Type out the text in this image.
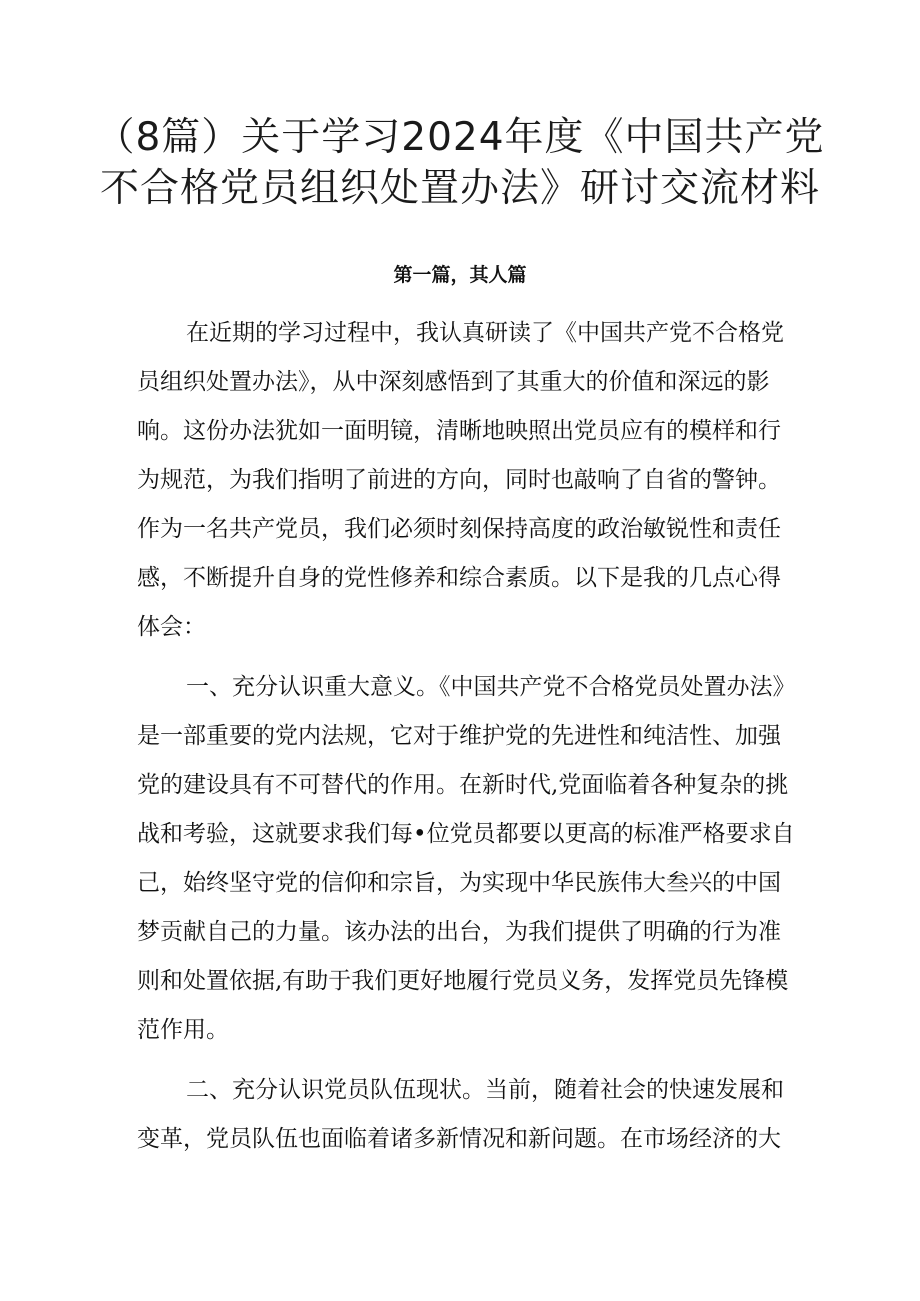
（8篇）关于学习2024年度《中国共产党
不合格党员组织处置办法》研讨交流材料
第一篇，其人篇
在近期的学习过程中，我认真研读了《中国共产党不合格党
员组织处置办法》，从中深刻感悟到了其重大的价值和深远的影
响。这份办法犹如一面明镜，清晰地映照出党员应有的模样和行
为规范，为我们指明了前进的方向，同时也敲响了自省的警钟。
作为一名共产党员，我们必须时刻保持高度的政治敏锐性和责任
感，不断提升自身的党性修养和综合素质。以下是我的几点心得
体会：
一、充分认识重大意义。《中国共产党不合格党员处置办法》
是一部重要的党内法规，它对于维护党的先进性和纯洁性、加强
党的建设具有不可替代的作用。在新时代,党面临着各种复杂的挑
战和考验，这就要求我们每•位党员都要以更高的标准严格要求自
己，始终坚守党的信仰和宗旨，为实现中华民族伟大叁兴的中国
梦贡献自己的力量。该办法的出台，为我们提供了明确的行为准
则和处置依据,有助于我们更好地履行党员义务，发挥党员先锋模
范作用。
二、充分认识党员队伍现状。当前，随着社会的快速发展和
变革，党员队伍也面临着诸多新情况和新问题。在市场经济的大
